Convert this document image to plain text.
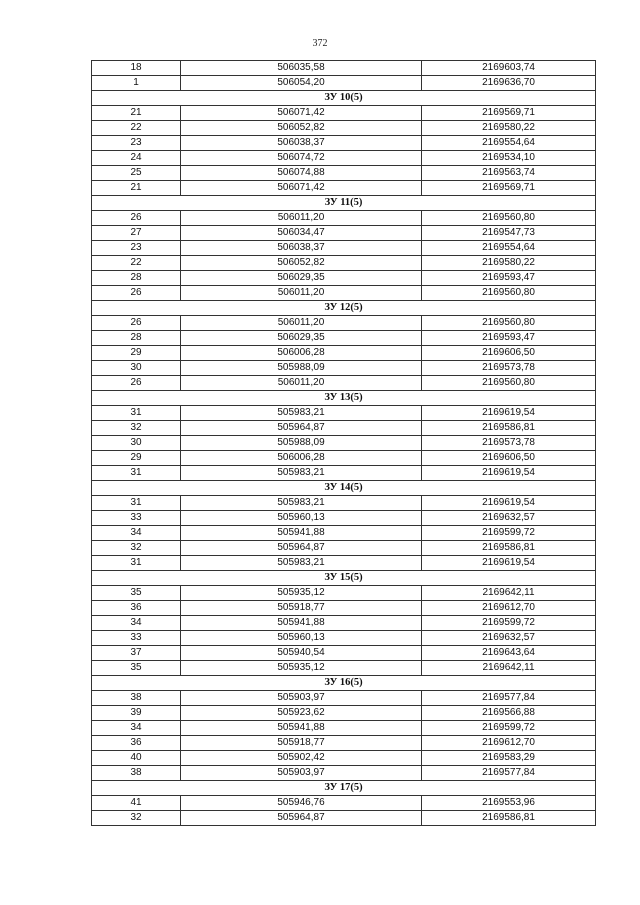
372
18	506035,58	2169603,74
1	506054,20	2169636,70
ЗУ 10(5)		
21	506071,42	2169569,71
22	506052,82	2169580,22
23	506038,37	2169554,64
24	506074,72	2169534,10
25	506074,88	2169563,74
21	506071,42	2169569,71
ЗУ 11(5)		
26	506011,20	2169560,80
27	506034,47	2169547,73
23	506038,37	2169554,64
22	506052,82	2169580,22
28	506029,35	2169593,47
26	506011,20	2169560,80
ЗУ 12(5)		
26	506011,20	2169560,80
28	506029,35	2169593,47
29	506006,28	2169606,50
30	505988,09	2169573,78
26	506011,20	2169560,80
ЗУ 13(5)		
31	505983,21	2169619,54
32	505964,87	2169586,81
30	505988,09	2169573,78
29	506006,28	2169606,50
31	505983,21	2169619,54
ЗУ 14(5)		
31	505983,21	2169619,54
33	505960,13	2169632,57
34	505941,88	2169599,72
32	505964,87	2169586,81
31	505983,21	2169619,54
ЗУ 15(5)		
35	505935,12	2169642,11
36	505918,77	2169612,70
34	505941,88	2169599,72
33	505960,13	2169632,57
37	505940,54	2169643,64
35	505935,12	2169642,11
ЗУ 16(5)		
38	505903,97	2169577,84
39	505923,62	2169566,88
34	505941,88	2169599,72
36	505918,77	2169612,70
40	505902,42	2169583,29
38	505903,97	2169577,84
ЗУ 17(5)		
41	505946,76	2169553,96
32	505964,87	2169586,81
